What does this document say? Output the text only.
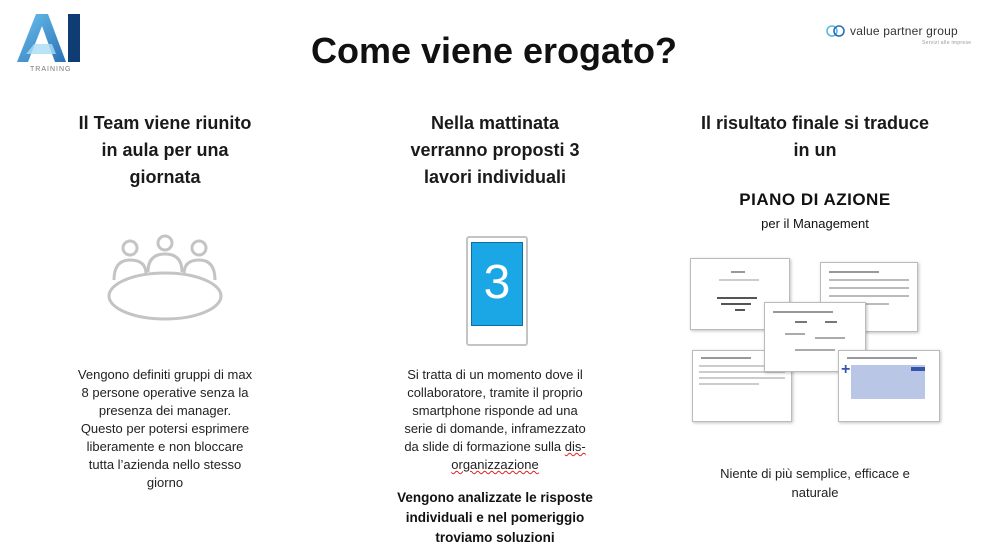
TRAINING
value partner group
Servizi alle imprese
Come viene erogato?
Il Team viene riunito
in aula per una
giornata
Vengono definiti gruppi di max
8 persone operative senza la
presenza dei manager.
Questo per potersi esprimere
liberamente e non bloccare
tutta l’azienda nello stesso
giorno
Nella mattinata
verranno proposti 3
lavori individuali
3
Si tratta di un momento dove il
collaboratore, tramite il proprio
smartphone risponde ad una
serie di domande, inframezzato
da slide di formazione sulla dis-
organizzazione
Vengono analizzate le risposte
individuali e nel pomeriggio
troviamo soluzioni
Il risultato finale si traduce
in un
PIANO DI AZIONE
per il Management
+
Niente di più semplice, efficace e
naturale
